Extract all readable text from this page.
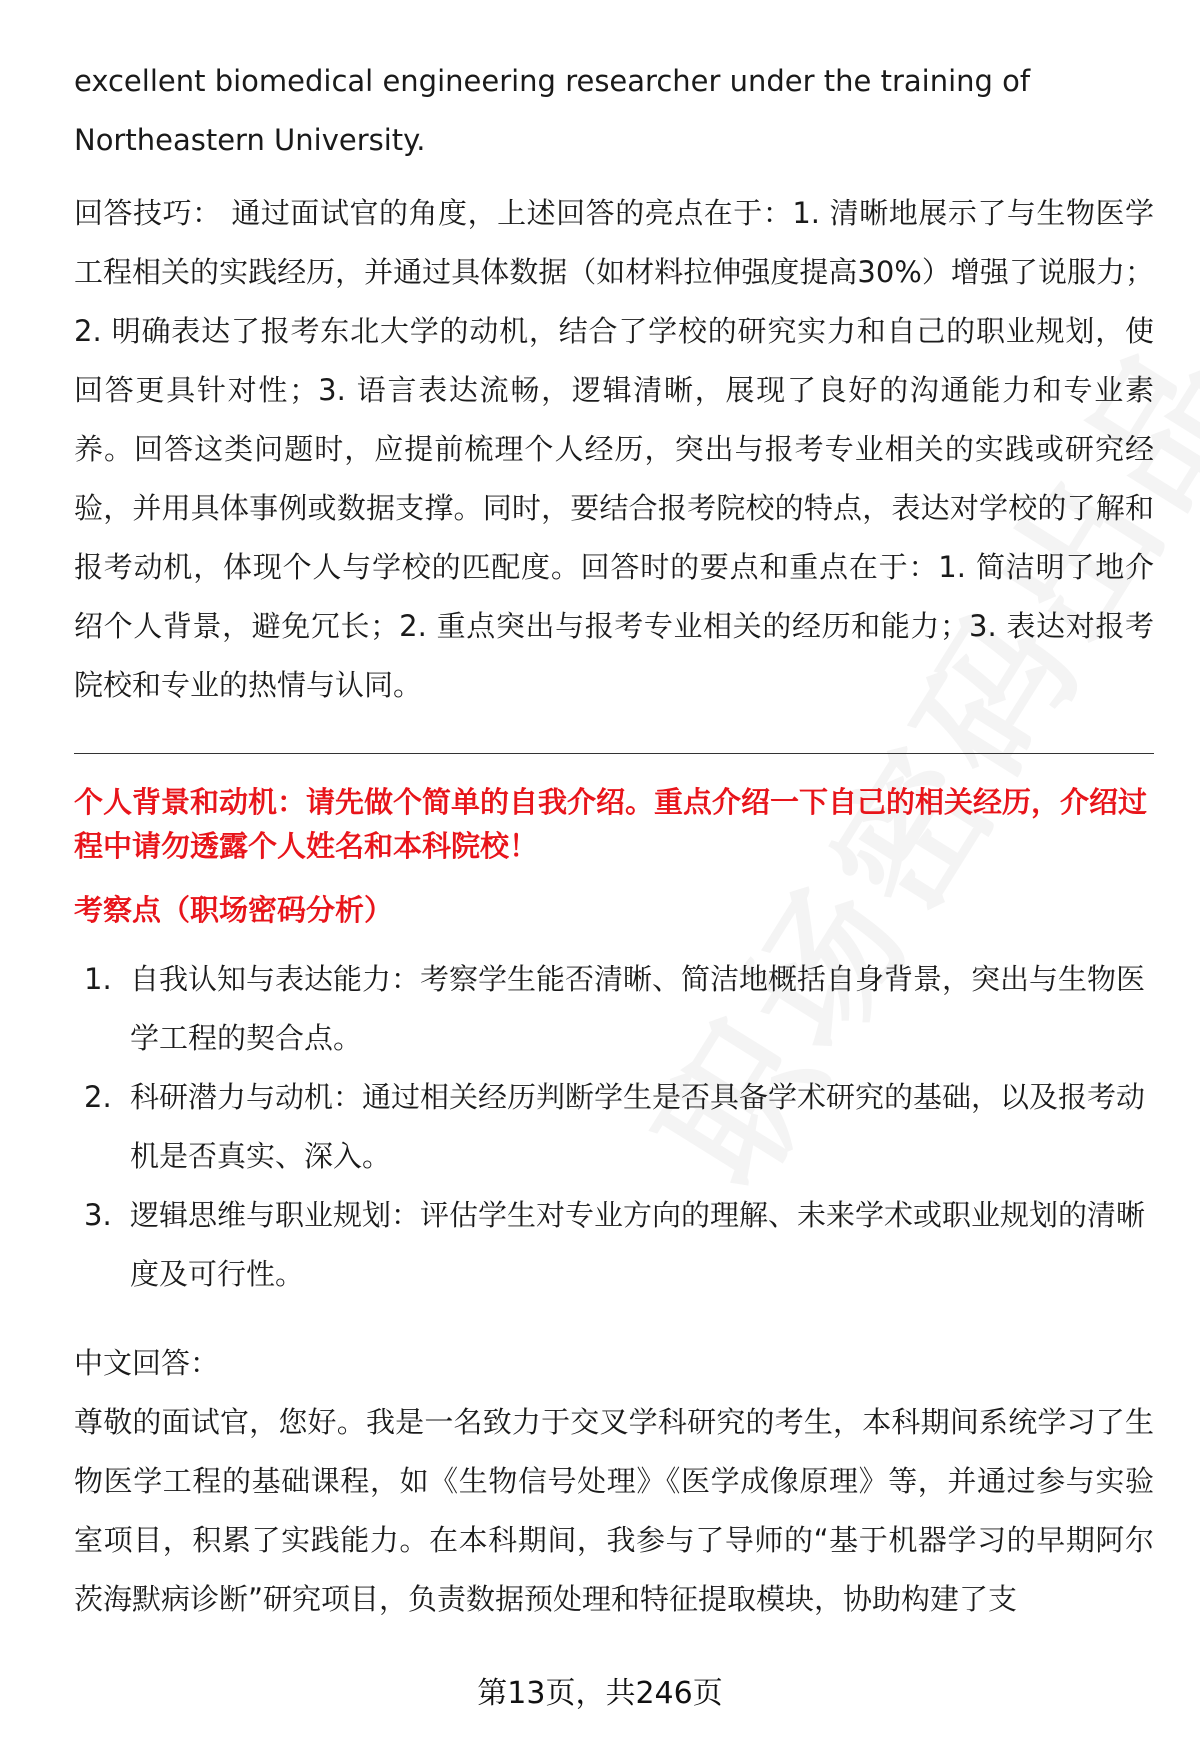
excellent biomedical engineering researcher under the training of

Northeastern University.

回答技巧： 通过面试官的角度，上述回答的亮点在于：1. 清晰地展示了与生物医学工程相关的实践经历，并通过具体数据（如材料拉伸强度提高30%）增强了说服力；2. 明确表达了报考东北大学的动机，结合了学校的研究实力和自己的职业规划，使回答更具针对性；3. 语言表达流畅，逻辑清晰，展现了良好的沟通能力和专业素养。回答这类问题时，应提前梳理个人经历，突出与报考专业相关的实践或研究经验，并用具体事例或数据支撑。同时，要结合报考院校的特点，表达对学校的了解和报考动机，体现个人与学校的匹配度。回答时的要点和重点在于：1. 简洁明了地介绍个人背景，避免冗长；2. 重点突出与报考专业相关的经历和能力；3. 表达对报考院校和专业的热情与认同。

个人背景和动机：请先做个简单的自我介绍。重点介绍一下自己的相关经历，介绍过程中请勿透露个人姓名和本科院校！

考察点（职场密码分析）

1. 自我认知与表达能力：考察学生能否清晰、简洁地概括自身背景，突出与生物医学工程的契合点。
2. 科研潜力与动机：通过相关经历判断学生是否具备学术研究的基础，以及报考动机是否真实、深入。
3. 逻辑思维与职业规划：评估学生对专业方向的理解、未来学术或职业规划的清晰度及可行性。

中文回答：

尊敬的面试官，您好。我是一名致力于交叉学科研究的考生，本科期间系统学习了生物医学工程的基础课程，如《生物信号处理》《医学成像原理》等，并通过参与实验室项目，积累了实践能力。在本科期间，我参与了导师的“基于机器学习的早期阿尔茨海默病诊断”研究项目，负责数据预处理和特征提取模块，协助构建了支

第13页，共246页
